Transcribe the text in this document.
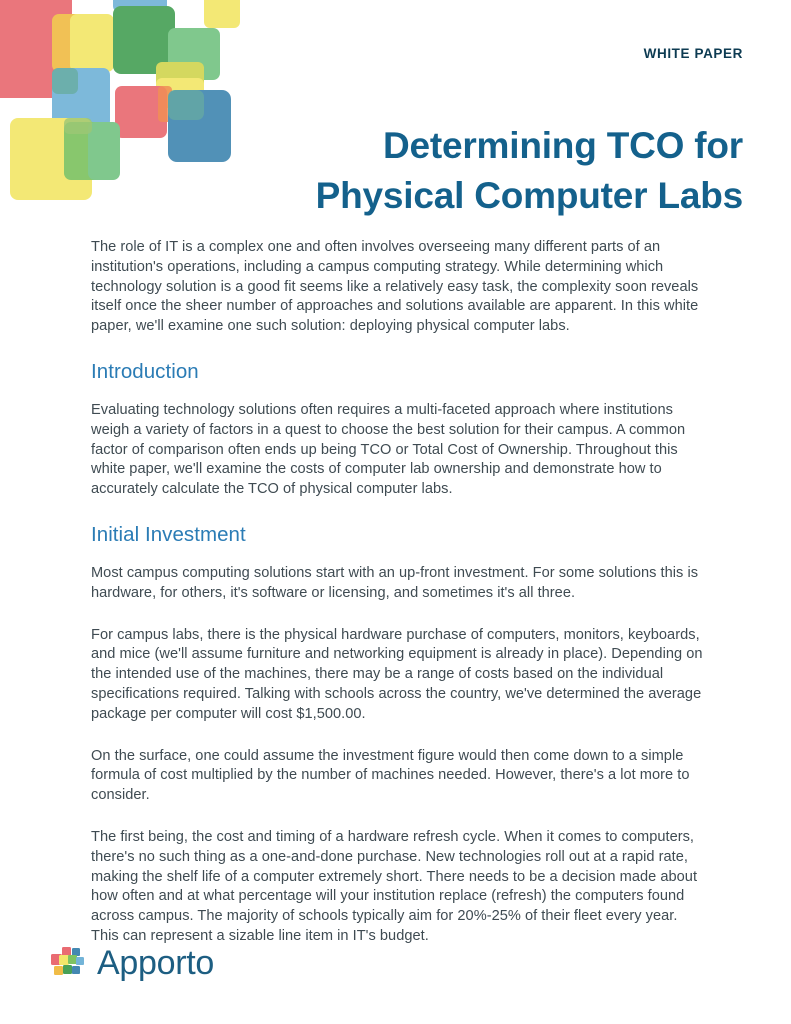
WHITE PAPER
Determining TCO for
Physical Computer Labs

The role of IT is a complex one and often involves overseeing many different parts of an institution's operations, including a campus computing strategy. While determining which technology solution is a good fit seems like a relatively easy task, the complexity soon reveals itself once the sheer number of approaches and solutions available are apparent. In this white paper, we'll examine one such solution: deploying physical computer labs.

Introduction

Evaluating technology solutions often requires a multi-faceted approach where institutions weigh a variety of factors in a quest to choose the best solution for their campus. A common factor of comparison often ends up being TCO or Total Cost of Ownership. Throughout this white paper, we'll examine the costs of computer lab ownership and demonstrate how to accurately calculate the TCO of physical computer labs.

Initial Investment

Most campus computing solutions start with an up-front investment. For some solutions this is hardware, for others, it's software or licensing, and sometimes it's all three.

For campus labs, there is the physical hardware purchase of computers, monitors, keyboards, and mice (we'll assume furniture and networking equipment is already in place). Depending on the intended use of the machines, there may be a range of costs based on the individual specifications required. Talking with schools across the country, we've determined the average package per computer will cost $1,500.00.

On the surface, one could assume the investment figure would then come down to a simple formula of cost multiplied by the number of machines needed. However, there's a lot more to consider.

The first being, the cost and timing of a hardware refresh cycle. When it comes to computers, there's no such thing as a one-and-done purchase. New technologies roll out at a rapid rate, making the shelf life of a computer extremely short. There needs to be a decision made about how often and at what percentage will your institution replace (refresh) the computers found across campus. The majority of schools typically aim for 20%-25% of their fleet every year. This can represent a sizable line item in IT's budget.

Apporto
